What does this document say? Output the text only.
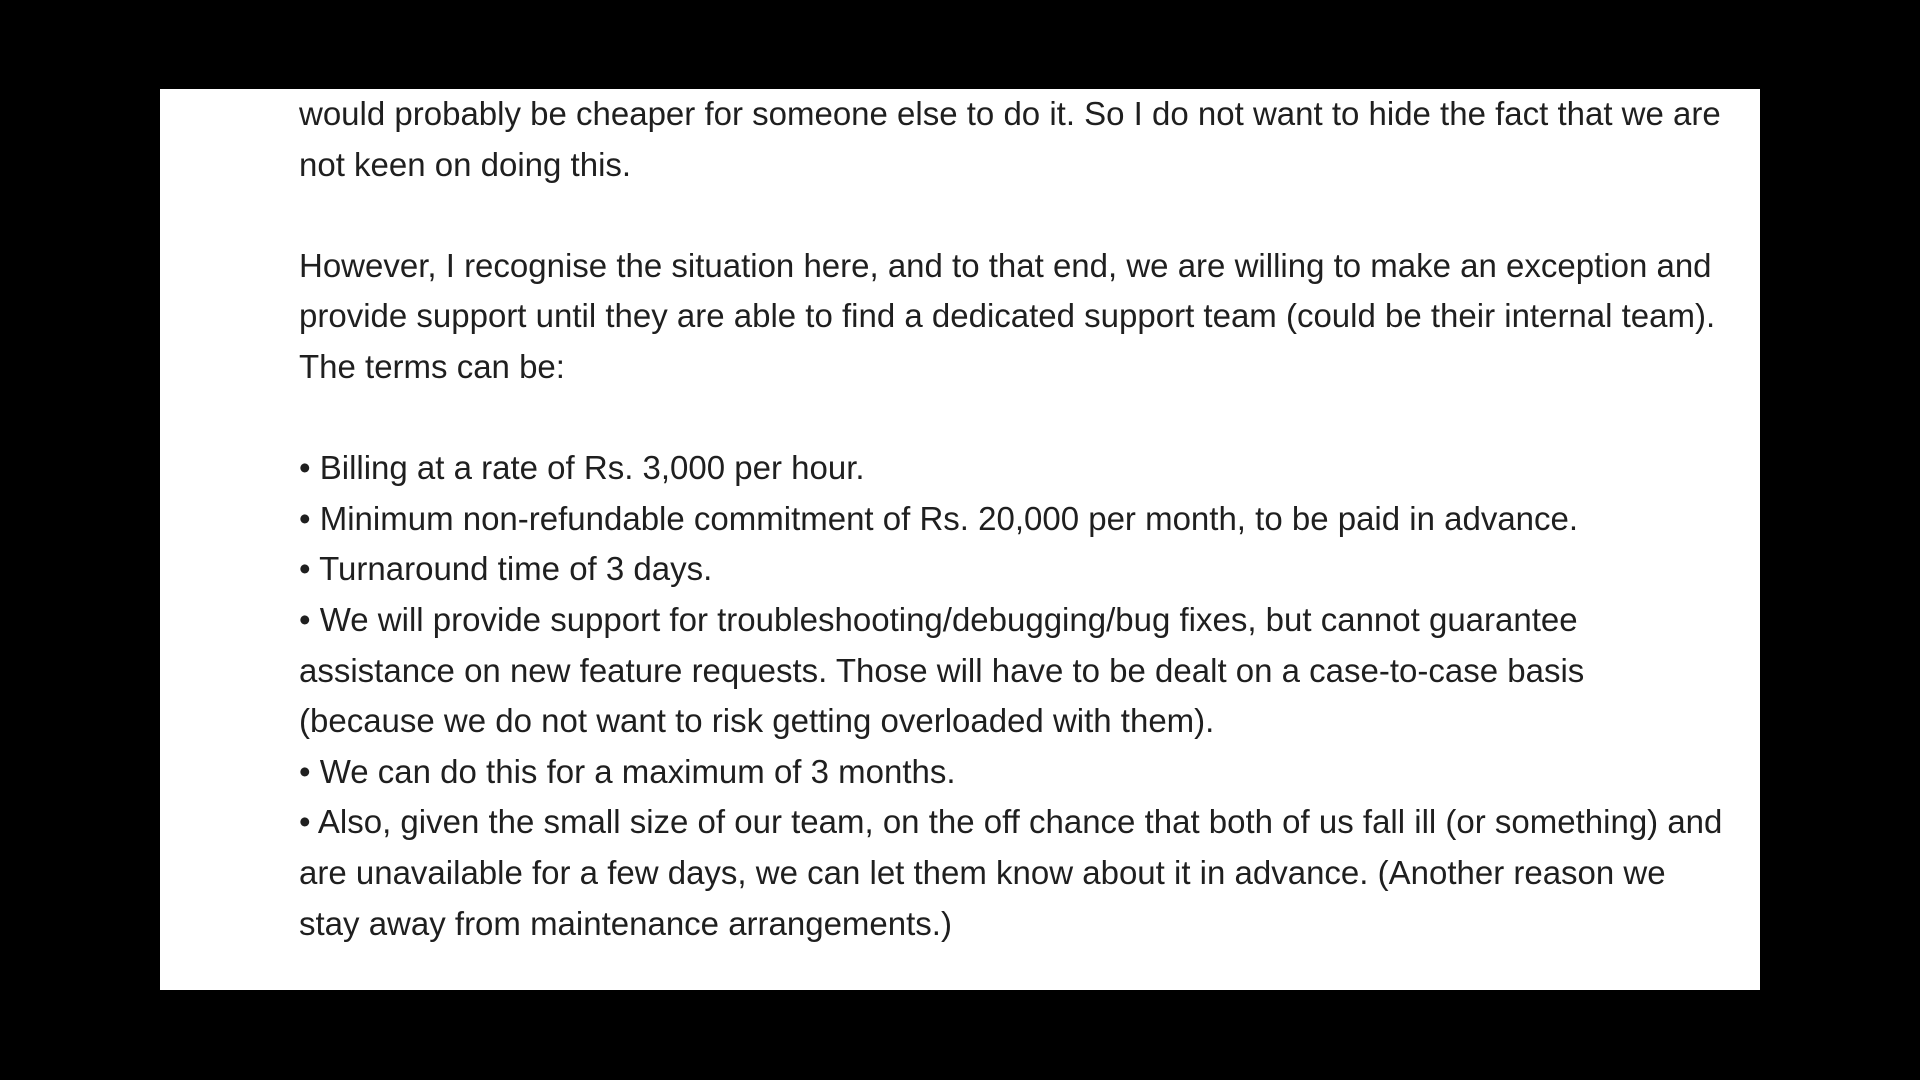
would probably be cheaper for someone else to do it. So I do not want to hide the fact that we are not keen on doing this.

However, I recognise the situation here, and to that end, we are willing to make an exception and provide support until they are able to find a dedicated support team (could be their internal team). The terms can be:

• Billing at a rate of Rs. 3,000 per hour.

• Minimum non-refundable commitment of Rs. 20,000 per month, to be paid in advance.

• Turnaround time of 3 days.

• We will provide support for troubleshooting/debugging/bug fixes, but cannot guarantee assistance on new feature requests. Those will have to be dealt on a case-to-case basis (because we do not want to risk getting overloaded with them).

• We can do this for a maximum of 3 months.

• Also, given the small size of our team, on the off chance that both of us fall ill (or something) and are unavailable for a few days, we can let them know about it in advance. (Another reason we stay away from maintenance arrangements.)
